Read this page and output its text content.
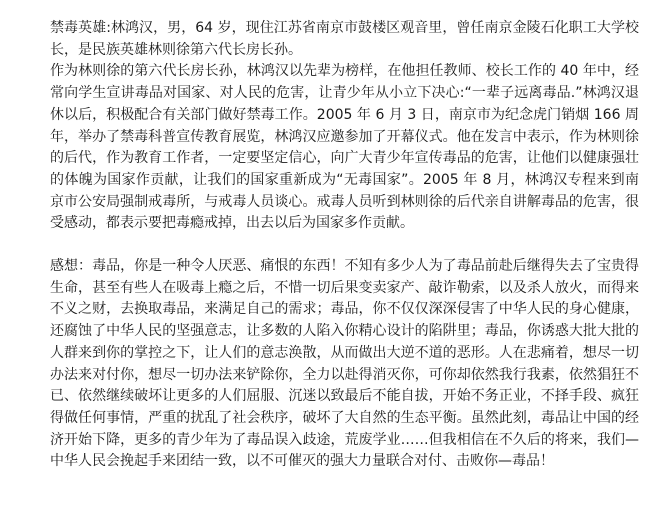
禁毒英雄:林鸿汉，男，64 岁，现住江苏省南京市鼓楼区观音里，曾任南京金陵石化职工大学校长，是民族英雄林则徐第六代长房长孙。

作为林则徐的第六代长房长孙，林鸿汉以先辈为榜样，在他担任教师、校长工作的 40 年中，经常向学生宣讲毒品对国家、对人民的危害，让青少年从小立下决心:“一辈子远离毒品.”林鸿汉退休以后，积极配合有关部门做好禁毒工作。2005 年 6 月 3 日，南京市为纪念虎门销烟 166 周年，举办了禁毒科普宣传教育展览，林鸿汉应邀参加了开幕仪式。他在发言中表示，作为林则徐的后代，作为教育工作者，一定要坚定信心，向广大青少年宣传毒品的危害，让他们以健康强壮的体魄为国家作贡献，让我们的国家重新成为“无毒国家”。2005 年 8 月，林鸿汉专程来到南京市公安局强制戒毒所，与戒毒人员谈心。戒毒人员听到林则徐的后代亲自讲解毒品的危害，很受感动，都表示要把毒瘾戒掉，出去以后为国家多作贡献。

感想：毒品，你是一种令人厌恶、痛恨的东西！不知有多少人为了毒品前赴后继得失去了宝贵得生命，甚至有些人在吸毒上瘾之后，不惜一切后果变卖家产、敲诈勒索，以及杀人放火，而得来不义之财，去换取毒品，来满足自己的需求；毒品，你不仅仅深深侵害了中华人民的身心健康，还腐蚀了中华人民的坚强意志，让多数的人陷入你精心设计的陷阱里；毒品，你诱惑大批大批的人群来到你的掌控之下，让人们的意志涣散，从而做出大逆不道的恶形。人在悲痛着，想尽一切办法来对付你，想尽一切办法来铲除你，全力以赴得消灭你，可你却依然我行我素，依然猖狂不已、依然继续破坏让更多的人们屈服、沉迷以致最后不能自拔，开始不务正业，不择手段、疯狂得做任何事情，严重的扰乱了社会秩序，破坏了大自然的生态平衡。虽然此刻，毒品让中国的经济开始下降，更多的青少年为了毒品误入歧途，荒废学业……但我相信在不久后的将来，我们—中华人民会挽起手来团结一致，以不可催灭的强大力量联合对付、击败你—毒品！
